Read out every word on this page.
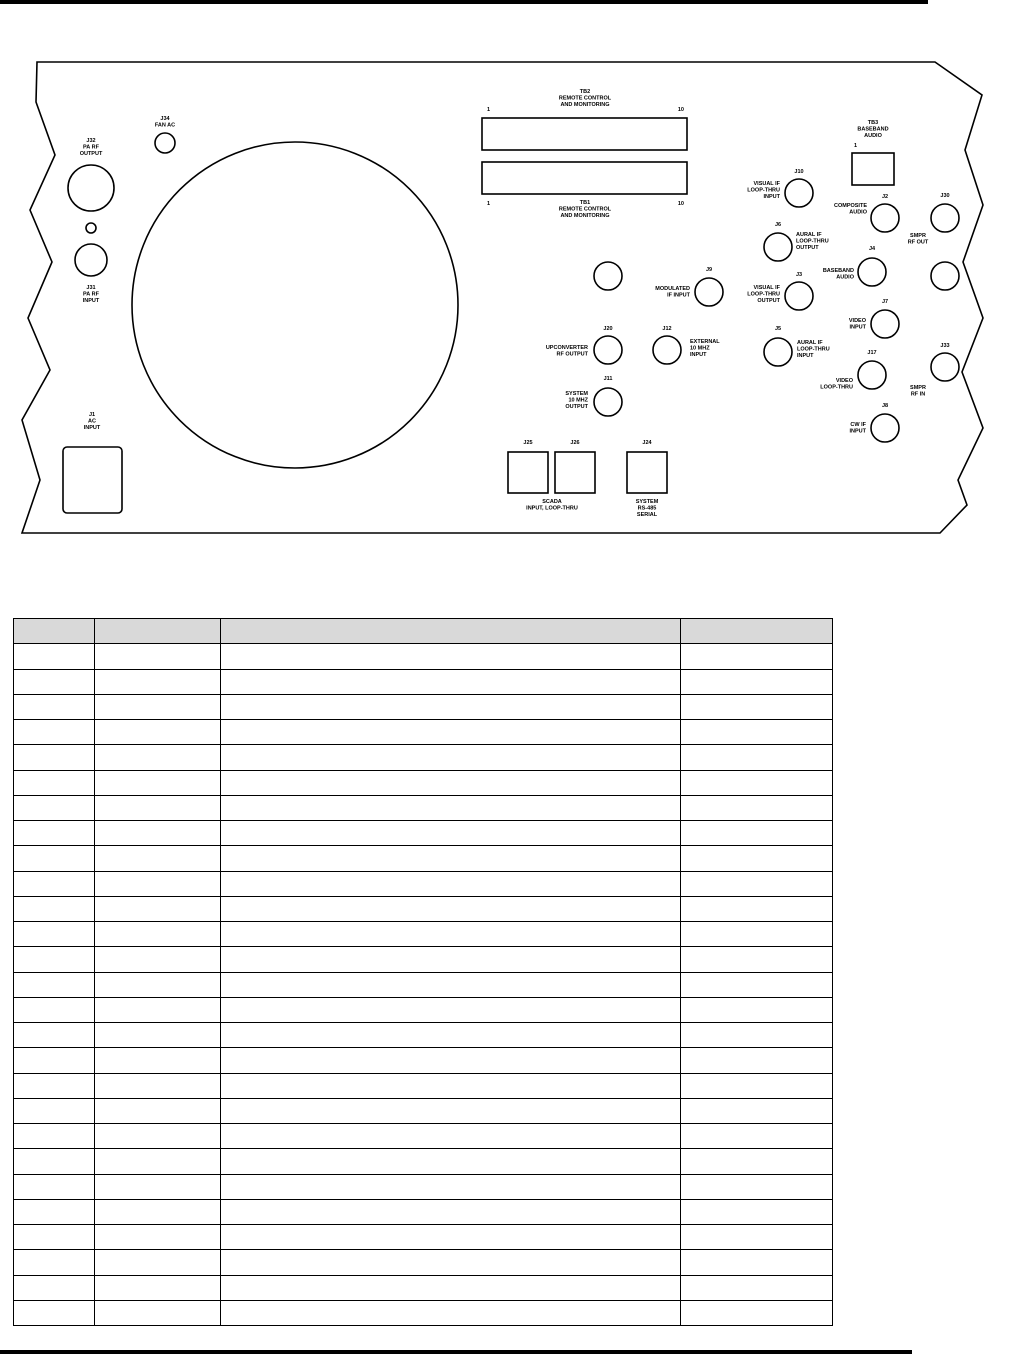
J32 PA RF OUTPUT
J31 PA RF INPUT
J34 FAN AC
J1 AC INPUT
TB2 REMOTE CONTROL AND MONITORING
1	10
TB1 REMOTE CONTROL AND MONITORING
1	10
TB3 BASEBAND AUDIO
1
J10
VISUAL IF LOOP-THRU INPUT
J6
AURAL IF LOOP-THRU OUTPUT
J3
VISUAL IF LOOP-THRU OUTPUT
J9
MODULATED IF INPUT
J2
COMPOSITE AUDIO
J4
BASEBAND AUDIO
J7
VIDEO INPUT
J5
AURAL IF LOOP-THRU INPUT	J17
VIDEO LOOP-THRU
J8
CW IF INPUT
J30
SMPR RF OUT
J33
SMPR RF IN
J20
UPCONVERTER RF OUTPUT
J12
EXTERNAL 10 MHZ INPUT
J11
SYSTEM 10 MHZ OUTPUT
J25	J26	J24
SCADA INPUT, LOOP-THRU
SYSTEM RS-485 SERIAL
